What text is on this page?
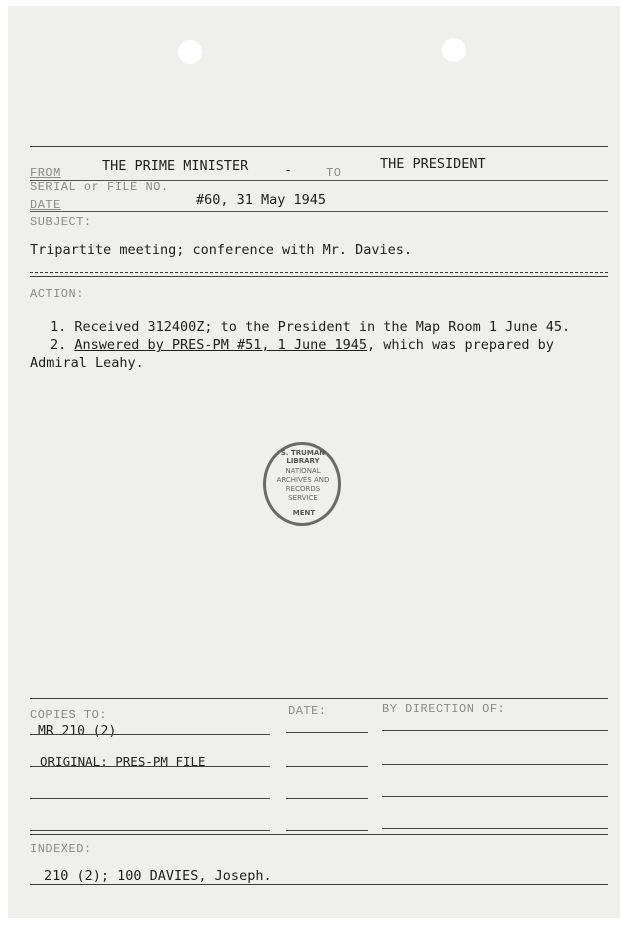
FROM	THE PRIME MINISTER	-	TO
THE PRESIDENT
SERIAL or FILE NO.
DATE	#60, 31 May 1945
SUBJECT:
Tripartite meeting; conference with Mr. Davies.
ACTION:
1. Received 312400Z; to the President in the Map Room 1 June 45.
2. Answered by PRES-PM #51, 1 June 1945, which was prepared by
Admiral Leahy.
S. TRUMAN LIBRARY
NATIONAL
ARCHIVES AND
RECORDS
SERVICE
MENT
COPIES TO:	DATE:	BY DIRECTION OF:
MR 210 (2)
ORIGINAL: PRES-PM FILE
INDEXED:
210 (2); 100 DAVIES, Joseph.
